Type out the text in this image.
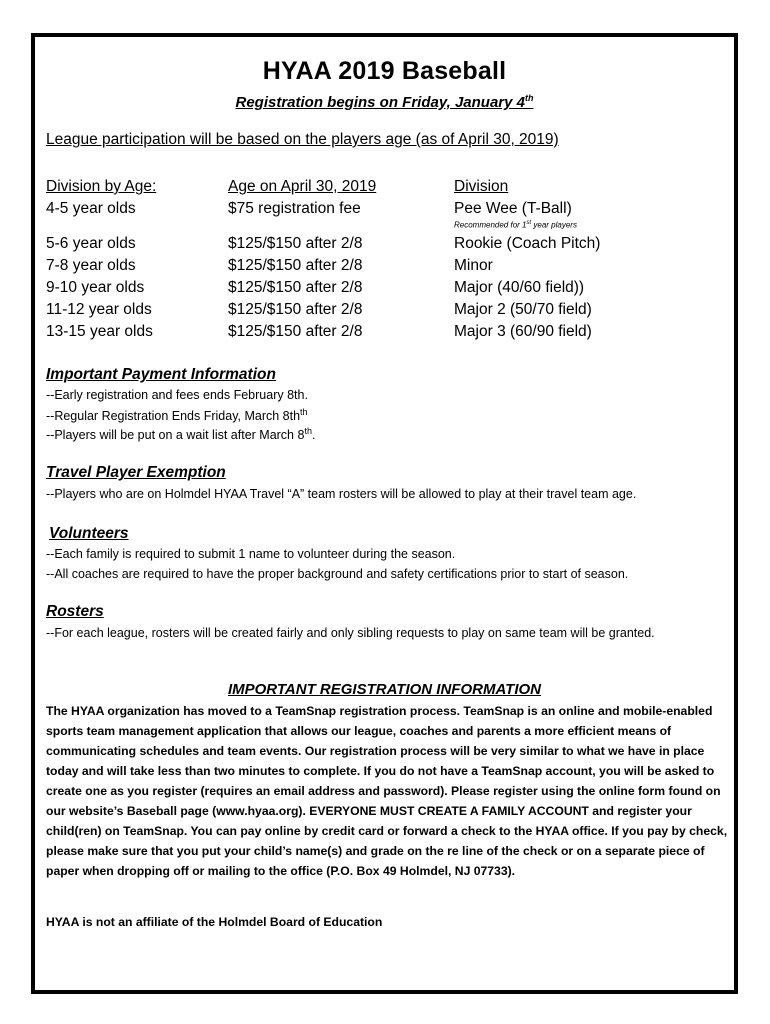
HYAA 2019 Baseball
Registration begins on Friday, January 4th
League participation will be based on the players age (as of April 30, 2019)
Division by Age:	Age on April 30, 2019	Division
4-5 year olds	$75 registration fee	Pee Wee (T-Ball)
Recommended for 1st year players
5-6 year olds	$125/$150 after 2/8	Rookie (Coach Pitch)
7-8 year olds	$125/$150 after 2/8	Minor
9-10 year olds	$125/$150 after 2/8	Major (40/60 field))
11-12 year olds	$125/$150 after 2/8	Major 2 (50/70 field)
13-15 year olds	$125/$150 after 2/8	Major 3 (60/90 field)
Important Payment Information
--Early registration and fees ends February 8th.
--Regular Registration Ends Friday, March $8th^{th}$
--Players will be put on a wait list after March 8th.
Travel Player Exemption
--Players who are on Holmdel HYAA Travel “A” team rosters will be allowed to play at their travel team age.
Volunteers
--Each family is required to submit 1 name to volunteer during the season.
--All coaches are required to have the proper background and safety certifications prior to start of season.
Rosters
--For each league, rosters will be created fairly and only sibling requests to play on same team will be granted.
IMPORTANT REGISTRATION INFORMATION
The HYAA organization has moved to a TeamSnap registration process. TeamSnap is an online and mobile-enabled sports team management application that allows our league, coaches and parents a more efficient means of communicating schedules and team events. Our registration process will be very similar to what we have in place today and will take less than two minutes to complete. If you do not have a TeamSnap account, you will be asked to create one as you register (requires an email address and password). Please register using the online form found on our website’s Baseball page (www.hyaa.org). EVERYONE MUST CREATE A FAMILY ACCOUNT and register your child(ren) on TeamSnap. You can pay online by credit card or forward a check to the HYAA office. If you pay by check, please make sure that you put your child’s name(s) and grade on the re line of the check or on a separate piece of paper when dropping off or mailing to the office (P.O. Box 49 Holmdel, NJ 07733).
HYAA is not an affiliate of the Holmdel Board of Education
